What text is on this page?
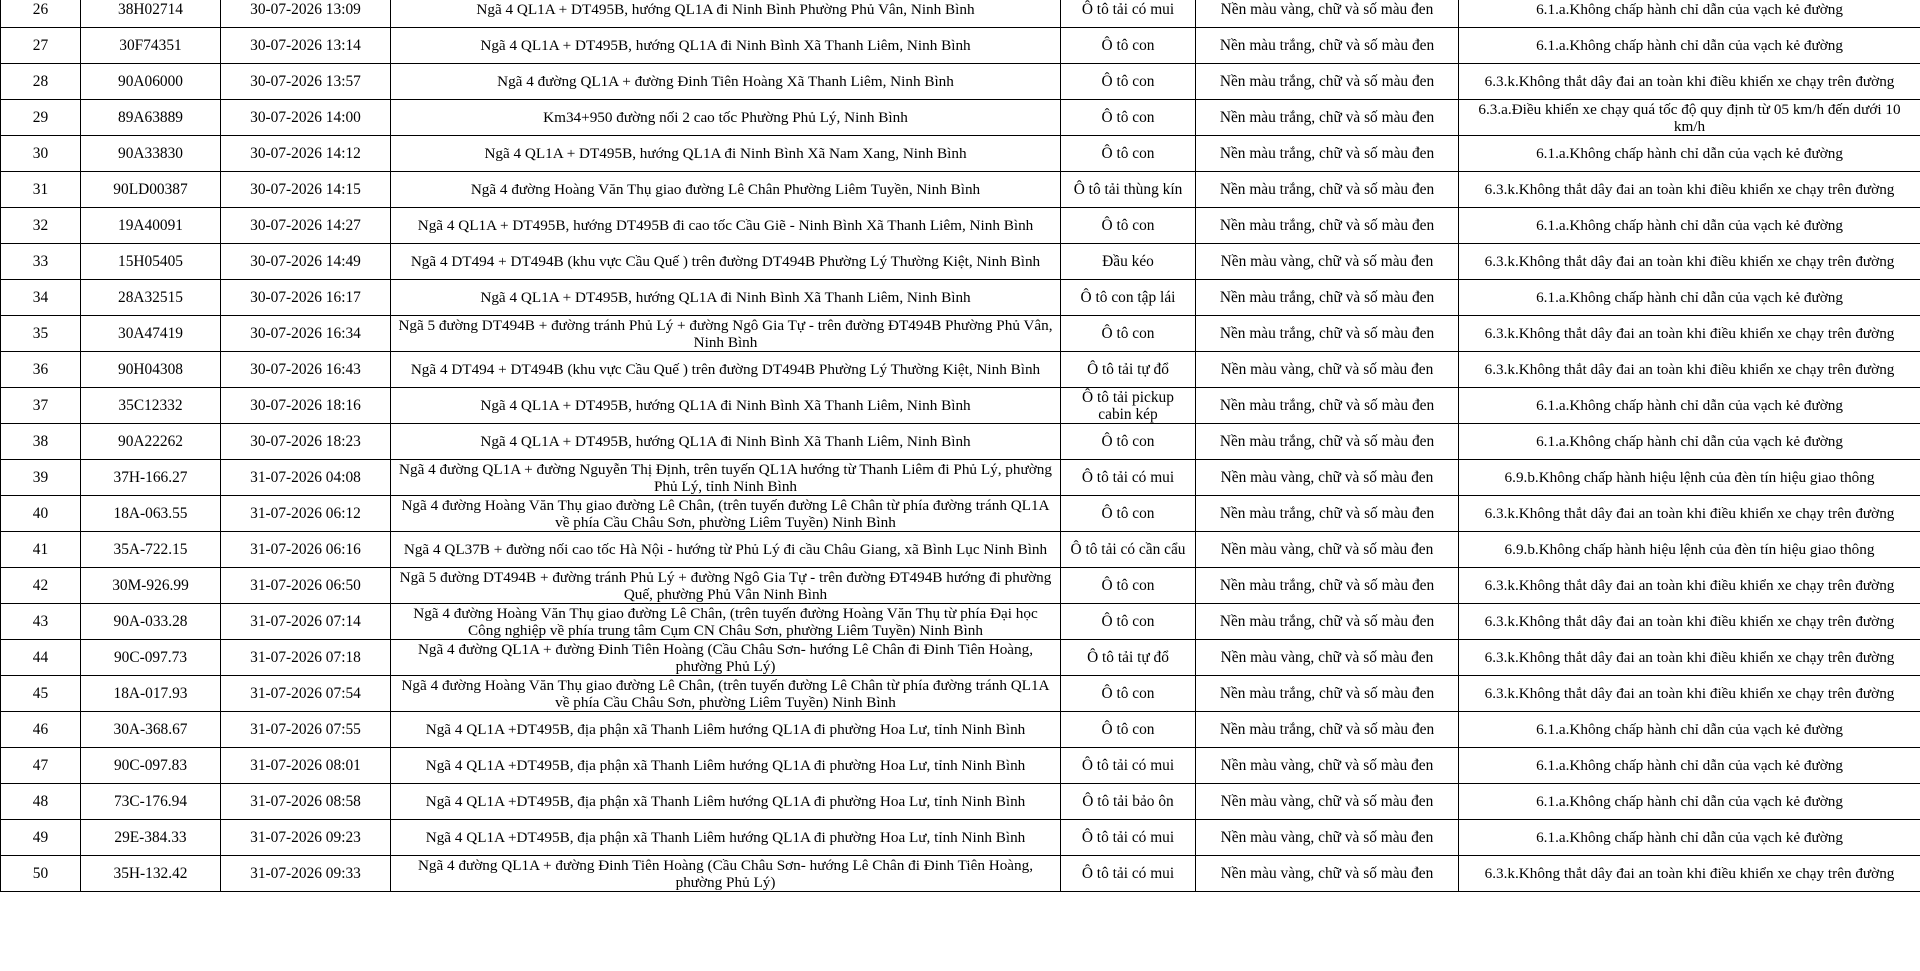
26	38H02714	30-07-2026 13:09	Ngã 4 QL1A + DT495B, hướng QL1A đi Ninh Bình Phường Phủ Vân, Ninh Bình	Ô tô tải có mui	Nền màu vàng, chữ và số màu đen	6.1.a.Không chấp hành chỉ dẫn của vạch kẻ đường
27	30F74351	30-07-2026 13:14	Ngã 4 QL1A + DT495B, hướng QL1A đi Ninh Bình Xã Thanh Liêm, Ninh Bình	Ô tô con	Nền màu trắng, chữ và số màu đen	6.1.a.Không chấp hành chỉ dẫn của vạch kẻ đường
28	90A06000	30-07-2026 13:57	Ngã 4 đường QL1A + đường Đinh Tiên Hoàng Xã Thanh Liêm, Ninh Bình	Ô tô con	Nền màu trắng, chữ và số màu đen	6.3.k.Không thắt dây đai an toàn khi điều khiển xe chạy trên đường
29	89A63889	30-07-2026 14:00	Km34+950 đường nối 2 cao tốc Phường Phủ Lý, Ninh Bình	Ô tô con	Nền màu trắng, chữ và số màu đen	6.3.a.Điều khiển xe chạy quá tốc độ quy định từ 05 km/h đến dưới 10 km/h
30	90A33830	30-07-2026 14:12	Ngã 4 QL1A + DT495B, hướng QL1A đi Ninh Bình Xã Nam Xang, Ninh Bình	Ô tô con	Nền màu trắng, chữ và số màu đen	6.1.a.Không chấp hành chỉ dẫn của vạch kẻ đường
31	90LD00387	30-07-2026 14:15	Ngã 4 đường Hoàng Văn Thụ giao đường Lê Chân Phường Liêm Tuyền, Ninh Bình	Ô tô tải thùng kín	Nền màu trắng, chữ và số màu đen	6.3.k.Không thắt dây đai an toàn khi điều khiển xe chạy trên đường
32	19A40091	30-07-2026 14:27	Ngã 4 QL1A + DT495B, hướng DT495B đi cao tốc Cầu Giẽ - Ninh Bình Xã Thanh Liêm, Ninh Bình	Ô tô con	Nền màu trắng, chữ và số màu đen	6.1.a.Không chấp hành chỉ dẫn của vạch kẻ đường
33	15H05405	30-07-2026 14:49	Ngã 4 DT494 + DT494B (khu vực Cầu Quế ) trên đường DT494B Phường Lý Thường Kiệt, Ninh Bình	Đầu kéo	Nền màu vàng, chữ và số màu đen	6.3.k.Không thắt dây đai an toàn khi điều khiển xe chạy trên đường
34	28A32515	30-07-2026 16:17	Ngã 4 QL1A + DT495B, hướng QL1A đi Ninh Bình Xã Thanh Liêm, Ninh Bình	Ô tô con tập lái	Nền màu trắng, chữ và số màu đen	6.1.a.Không chấp hành chỉ dẫn của vạch kẻ đường
35	30A47419	30-07-2026 16:34	Ngã 5 đường DT494B + đường tránh Phủ Lý + đường Ngô Gia Tự - trên đường ĐT494B Phường Phủ Vân, Ninh Bình	Ô tô con	Nền màu trắng, chữ và số màu đen	6.3.k.Không thắt dây đai an toàn khi điều khiển xe chạy trên đường
36	90H04308	30-07-2026 16:43	Ngã 4 DT494 + DT494B (khu vực Cầu Quế ) trên đường DT494B Phường Lý Thường Kiệt, Ninh Bình	Ô tô tải tự đổ	Nền màu vàng, chữ và số màu đen	6.3.k.Không thắt dây đai an toàn khi điều khiển xe chạy trên đường
37	35C12332	30-07-2026 18:16	Ngã 4 QL1A + DT495B, hướng QL1A đi Ninh Bình Xã Thanh Liêm, Ninh Bình	Ô tô tải pickup cabin kép	Nền màu trắng, chữ và số màu đen	6.1.a.Không chấp hành chỉ dẫn của vạch kẻ đường
38	90A22262	30-07-2026 18:23	Ngã 4 QL1A + DT495B, hướng QL1A đi Ninh Bình Xã Thanh Liêm, Ninh Bình	Ô tô con	Nền màu trắng, chữ và số màu đen	6.1.a.Không chấp hành chỉ dẫn của vạch kẻ đường
39	37H-166.27	31-07-2026 04:08	Ngã 4 đường QL1A + đường Nguyễn Thị Định, trên tuyến QL1A hướng từ Thanh Liêm đi Phủ Lý, phường Phủ Lý, tỉnh Ninh Bình	Ô tô tải có mui	Nền màu vàng, chữ và số màu đen	6.9.b.Không chấp hành hiệu lệnh của đèn tín hiệu giao thông
40	18A-063.55	31-07-2026 06:12	Ngã 4 đường Hoàng Văn Thụ giao đường Lê Chân, (trên tuyến đường Lê Chân từ phía đường tránh QL1A về phía Cầu Châu Sơn, phường Liêm Tuyền) Ninh Bình	Ô tô con	Nền màu trắng, chữ và số màu đen	6.3.k.Không thắt dây đai an toàn khi điều khiển xe chạy trên đường
41	35A-722.15	31-07-2026 06:16	Ngã 4 QL37B + đường nối cao tốc Hà Nội - hướng từ Phủ Lý đi cầu Châu Giang, xã Bình Lục Ninh Bình	Ô tô tải có cần cẩu	Nền màu vàng, chữ và số màu đen	6.9.b.Không chấp hành hiệu lệnh của đèn tín hiệu giao thông
42	30M-926.99	31-07-2026 06:50	Ngã 5 đường DT494B + đường tránh Phủ Lý + đường Ngô Gia Tự - trên đường ĐT494B hướng đi phường Quế, phường Phủ Vân Ninh Bình	Ô tô con	Nền màu trắng, chữ và số màu đen	6.3.k.Không thắt dây đai an toàn khi điều khiển xe chạy trên đường
43	90A-033.28	31-07-2026 07:14	Ngã 4 đường Hoàng Văn Thụ giao đường Lê Chân, (trên tuyến đường Hoàng Văn Thụ từ phía Đại học Công nghiệp về phía trung tâm Cụm CN Châu Sơn, phường Liêm Tuyền) Ninh Bình	Ô tô con	Nền màu trắng, chữ và số màu đen	6.3.k.Không thắt dây đai an toàn khi điều khiển xe chạy trên đường
44	90C-097.73	31-07-2026 07:18	Ngã 4 đường QL1A + đường Đinh Tiên Hoàng (Cầu Châu Sơn- hướng Lê Chân đi Đinh Tiên Hoàng, phường Phủ Lý)	Ô tô tải tự đổ	Nền màu vàng, chữ và số màu đen	6.3.k.Không thắt dây đai an toàn khi điều khiển xe chạy trên đường
45	18A-017.93	31-07-2026 07:54	Ngã 4 đường Hoàng Văn Thụ giao đường Lê Chân, (trên tuyến đường Lê Chân từ phía đường tránh QL1A về phía Cầu Châu Sơn, phường Liêm Tuyền) Ninh Bình	Ô tô con	Nền màu trắng, chữ và số màu đen	6.3.k.Không thắt dây đai an toàn khi điều khiển xe chạy trên đường
46	30A-368.67	31-07-2026 07:55	Ngã 4 QL1A +DT495B, địa phận xã Thanh Liêm hướng QL1A đi phường Hoa Lư, tỉnh Ninh Bình	Ô tô con	Nền màu trắng, chữ và số màu đen	6.1.a.Không chấp hành chỉ dẫn của vạch kẻ đường
47	90C-097.83	31-07-2026 08:01	Ngã 4 QL1A +DT495B, địa phận xã Thanh Liêm hướng QL1A đi phường Hoa Lư, tỉnh Ninh Bình	Ô tô tải có mui	Nền màu vàng, chữ và số màu đen	6.1.a.Không chấp hành chỉ dẫn của vạch kẻ đường
48	73C-176.94	31-07-2026 08:58	Ngã 4 QL1A +DT495B, địa phận xã Thanh Liêm hướng QL1A đi phường Hoa Lư, tỉnh Ninh Bình	Ô tô tải bảo ôn	Nền màu vàng, chữ và số màu đen	6.1.a.Không chấp hành chỉ dẫn của vạch kẻ đường
49	29E-384.33	31-07-2026 09:23	Ngã 4 QL1A +DT495B, địa phận xã Thanh Liêm hướng QL1A đi phường Hoa Lư, tỉnh Ninh Bình	Ô tô tải có mui	Nền màu vàng, chữ và số màu đen	6.1.a.Không chấp hành chỉ dẫn của vạch kẻ đường
50	35H-132.42	31-07-2026 09:33	Ngã 4 đường QL1A + đường Đinh Tiên Hoàng (Cầu Châu Sơn- hướng Lê Chân đi Đinh Tiên Hoàng, phường Phủ Lý)	Ô tô tải có mui	Nền màu vàng, chữ và số màu đen	6.3.k.Không thắt dây đai an toàn khi điều khiển xe chạy trên đường
